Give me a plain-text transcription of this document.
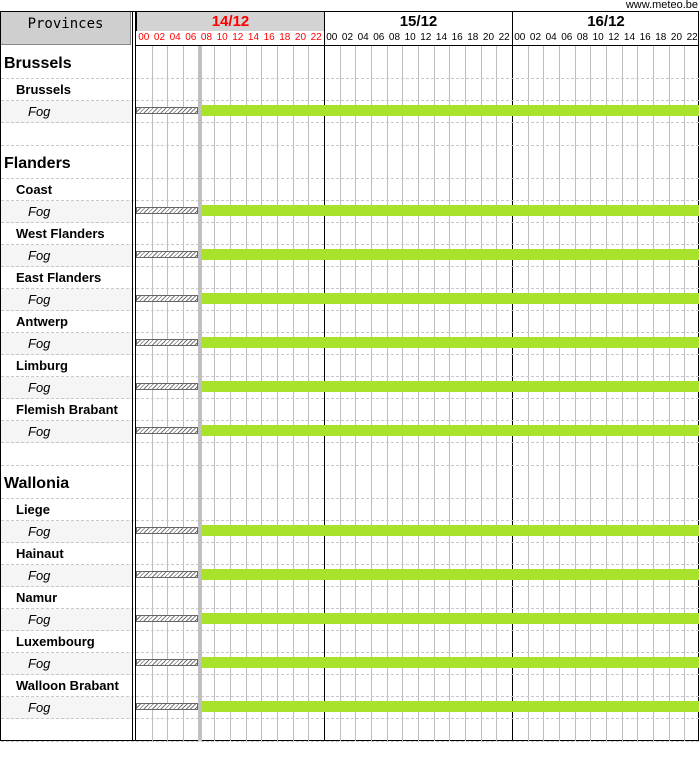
www.meteo.be
Provinces	14/12	15/12	16/12
00 02 04 06 08 10 12 14 16 18 20 22 00 02 04 06 08 10 12 14 16 18 20 22 00 02 04 06 08 10 12 14 16 18 20 22
Brussels
Brussels
Fog
Flanders
Coast
Fog
West Flanders
Fog
East Flanders
Fog
Antwerp
Fog
Limburg
Fog
Flemish Brabant
Fog
Wallonia
Liege
Fog
Hainaut
Fog
Namur
Fog
Luxembourg
Fog
Walloon Brabant
Fog
